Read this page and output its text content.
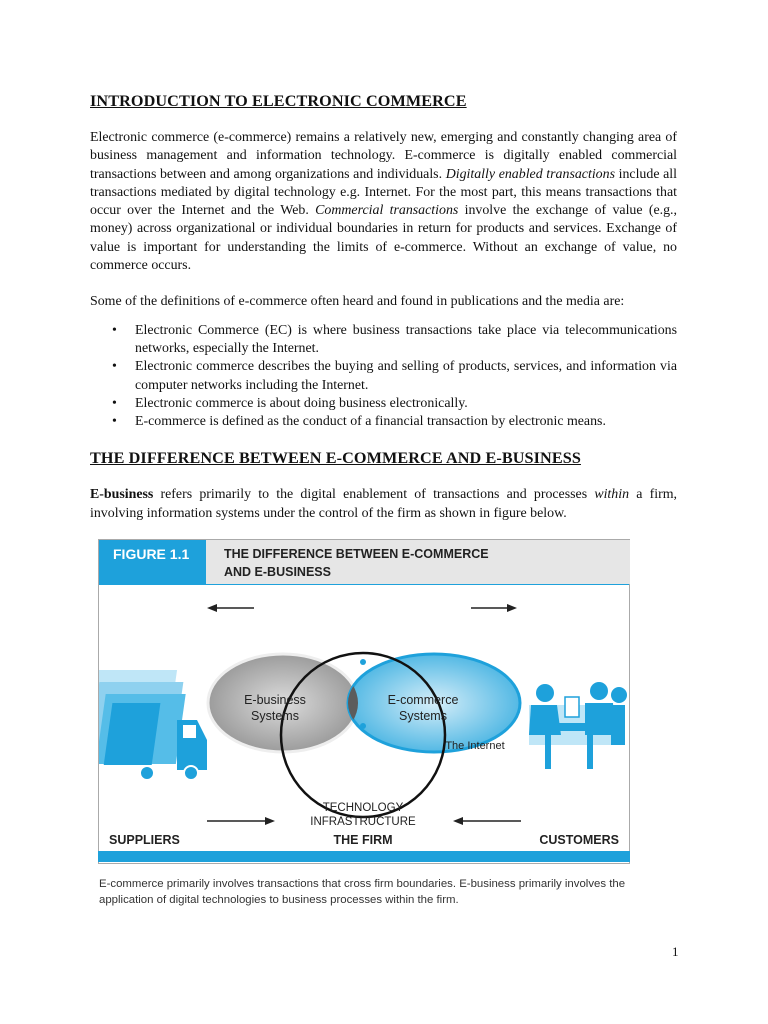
INTRODUCTION TO ELECTRONIC COMMERCE

Electronic commerce (e-commerce) remains a relatively new, emerging and constantly changing area of business management and information technology. E-commerce is digitally enabled commercial transactions between and among organizations and individuals. Digitally enabled transactions include all transactions mediated by digital technology e.g. Internet. For the most part, this means transactions that occur over the Internet and the Web. Commercial transactions involve the exchange of value (e.g., money) across organizational or individual boundaries in return for products and services. Exchange of value is important for understanding the limits of e-commerce. Without an exchange of value, no commerce occurs.

Some of the definitions of e-commerce often heard and found in publications and the media are:

• Electronic Commerce (EC) is where business transactions take place via telecommunications networks, especially the Internet.
• Electronic commerce describes the buying and selling of products, services, and information via computer networks including the Internet.
• Electronic commerce is about doing business electronically.
• E-commerce is defined as the conduct of a financial transaction by electronic means.
THE DIFFERENCE BETWEEN E-COMMERCE AND E-BUSINESS

E-business refers primarily to the digital enablement of transactions and processes within a firm, involving information systems under the control of the firm as shown in figure below.

FIGURE 1.1	THE DIFFERENCE BETWEEN E-COMMERCE
AND E-BUSINESS
E-business
Systems
E-commerce
Systems
The Internet
TECHNOLOGY
INFRASTRUCTURE
THE FIRM
SUPPLIERS	CUSTOMERS
E-commerce primarily involves transactions that cross firm boundaries. E-business primarily involves the application of digital technologies to business processes within the firm.
1
